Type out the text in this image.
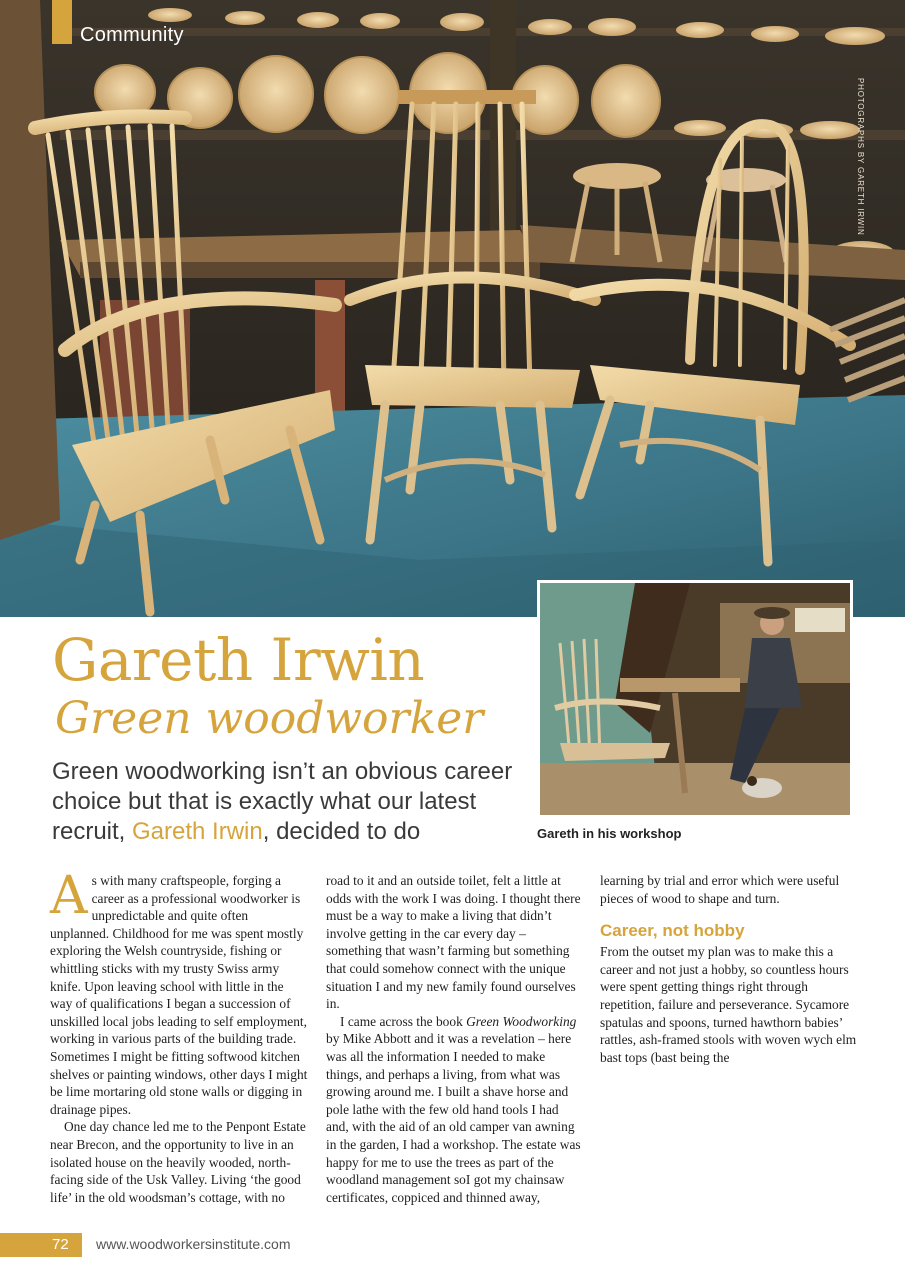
Community
PHOTOGRAPHS BY GARETH IRWIN
Gareth in his workshop
Gareth Irwin
Green woodworker
Green woodworking isn’t an obvious career choice but that is exactly what our latest recruit, Gareth Irwin, decided to do

As with many craftspeople, forging a career as a professional woodworker is unpredictable and quite often unplanned. Childhood for me was spent mostly exploring the Welsh countryside, fishing or whittling sticks with my trusty Swiss army knife. Upon leaving school with little in the way of qualifications I began a succession of unskilled local jobs leading to self employment, working in various parts of the building trade. Sometimes I might be fitting softwood kitchen shelves or painting windows, other days I might be lime mortaring old stone walls or digging in drainage pipes.

One day chance led me to the Penpont Estate near Brecon, and the opportunity to live in an isolated house on the heavily wooded, north-facing side of the Usk Valley. Living ‘the good life’ in the old woodsman’s cottage, with no

road to it and an outside toilet, felt a little at odds with the work I was doing. I thought there must be a way to make a living that didn’t involve getting in the car every day – something that wasn’t farming but something that could somehow connect with the unique situation I and my new family found ourselves in.

I came across the book Green Woodworking by Mike Abbott and it was a revelation – here was all the information I needed to make things, and perhaps a living, from what was growing around me. I built a shave horse and pole lathe with the few old hand tools I had and, with the aid of an old camper van awning in the garden, I had a workshop. The estate was happy for me to use the trees as part of the woodland management soI got my chainsaw certificates, coppiced and thinned away,

learning by trial and error which were useful pieces of wood to shape and turn.

Career, not hobby

From the outset my plan was to make this a career and not just a hobby, so countless hours were spent getting things right through repetition, failure and perseverance. Sycamore spatulas and spoons, turned hawthorn babies’ rattles, ash-framed stools with woven wych elm bast tops (bast being the

72 www.woodworkersinstitute.com
